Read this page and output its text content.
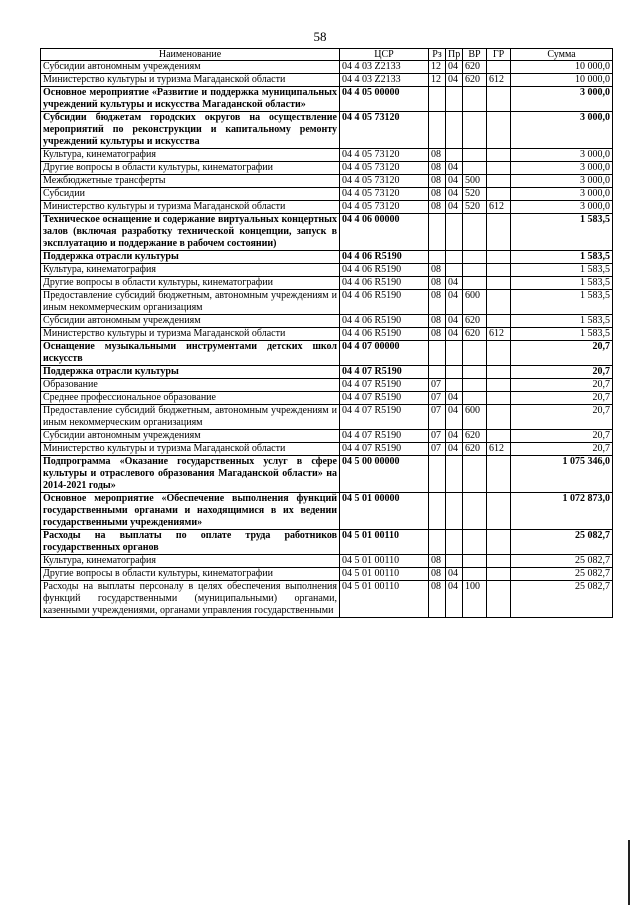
58
Наименование	ЦСР	Рз	Пр	ВР	ГР	Сумма
Субсидии автономным учреждениям	04 4 03 Z2133	12	04	620		10 000,0
Министерство культуры и туризма Магаданской области	04 4 03 Z2133	12	04	620	612	10 000,0
Основное мероприятие «Развитие и поддержка муниципальных учреждений культуры и искусства Магаданской области»	04 4 05 00000					3 000,0
Субсидии бюджетам городских округов на осуществление мероприятий по реконструкции и капитальному ремонту учреждений культуры и искусства	04 4 05 73120					3 000,0
Культура, кинематография	04 4 05 73120	08				3 000,0
Другие вопросы в области культуры, кинематографии	04 4 05 73120	08	04			3 000,0
Межбюджетные трансферты	04 4 05 73120	08	04	500		3 000,0
Субсидии	04 4 05 73120	08	04	520		3 000,0
Министерство культуры и туризма Магаданской области	04 4 05 73120	08	04	520	612	3 000,0
Техническое оснащение и содержание виртуальных концертных залов (включая разработку технической концепции, запуск в эксплуатацию и поддержание в рабочем состоянии)	04 4 06 00000					1 583,5
Поддержка отрасли культуры	04 4 06 R5190					1 583,5
Культура, кинематография	04 4 06 R5190	08				1 583,5
Другие вопросы в области культуры, кинематографии	04 4 06 R5190	08	04			1 583,5
Предоставление субсидий бюджетным, автономным учреждениям и иным некоммерческим организациям	04 4 06 R5190	08	04	600		1 583,5
Субсидии автономным учреждениям	04 4 06 R5190	08	04	620		1 583,5
Министерство культуры и туризма Магаданской области	04 4 06 R5190	08	04	620	612	1 583,5
Оснащение музыкальными инструментами детских школ искусств	04 4 07 00000					20,7
Поддержка отрасли культуры	04 4 07 R5190					20,7
Образование	04 4 07 R5190	07				20,7
Среднее профессиональное образование	04 4 07 R5190	07	04			20,7
Предоставление субсидий бюджетным, автономным учреждениям и иным некоммерческим организациям	04 4 07 R5190	07	04	600		20,7
Субсидии автономным учреждениям	04 4 07 R5190	07	04	620		20,7
Министерство культуры и туризма Магаданской области	04 4 07 R5190	07	04	620	612	20,7
Подпрограмма «Оказание государственных услуг в сфере культуры и отраслевого образования Магаданской области» на 2014-2021 годы»	04 5 00 00000					1 075 346,0
Основное мероприятие «Обеспечение выполнения функций государственными органами и находящимися в их ведении государственными учреждениями»	04 5 01 00000					1 072 873,0
Расходы на выплаты по оплате труда работников государственных органов	04 5 01 00110					25 082,7
Культура, кинематография	04 5 01 00110	08				25 082,7
Другие вопросы в области культуры, кинематографии	04 5 01 00110	08	04			25 082,7
Расходы на выплаты персоналу в целях обеспечения выполнения функций государственными (муниципальными) органами, казенными учреждениями, органами управления государственными	04 5 01 00110	08	04	100		25 082,7
